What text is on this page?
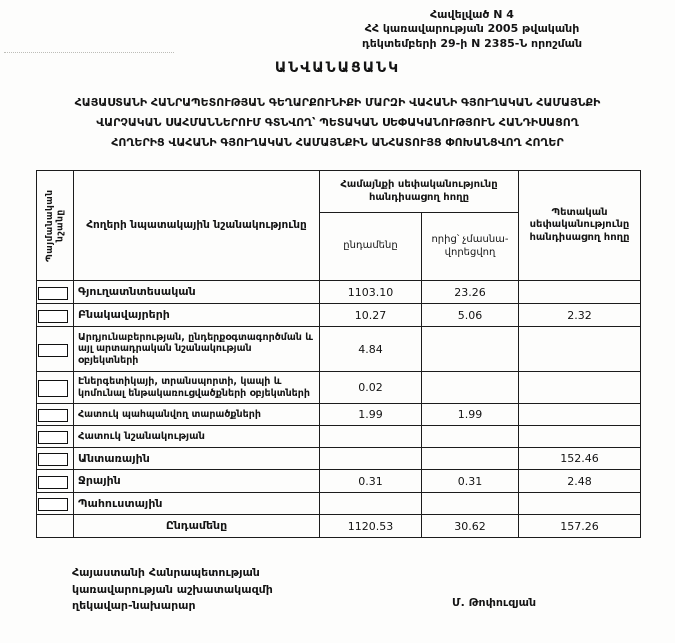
Հավելված N 4
ՀՀ կառավարության 2005 թվականի
դեկտեմբերի 29-ի N 2385-Ն որոշման
ԱՆՎԱՆԱՑԱՆԿ
ՀԱՅԱՍՏԱՆԻ ՀԱՆՐԱՊԵՏՈՒԹՅԱՆ ԳԵՂԱՐՔՈՒՆԻՔԻ ՄԱՐԶԻ ՎԱՀԱՆԻ ԳՅՈՒՂԱԿԱՆ ՀԱՄԱՅՆՔԻ
ՎԱՐՉԱԿԱՆ ՍԱՀՄԱՆՆԵՐՈՒՄ ԳՏՆՎՈՂ՝ ՊԵՏԱԿԱՆ ՍԵՓԱԿԱՆՈՒԹՅՈՒՆ ՀԱՆԴԻՍԱՑՈՂ
ՀՈՂԵՐԻՑ ՎԱՀԱՆԻ ԳՅՈՒՂԱԿԱՆ ՀԱՄԱՅՆՔԻՆ ԱՆՀԱՏՈՒՅՑ ՓՈԽԱՆՑՎՈՂ ՀՈՂԵՐ
Պայմանական նշանը	Հողերի նպատակային նշանակությունը	Համայնքի սեփականությունը հանդիսացող հողը		Պետական սեփականությունը հանդիսացող հողը
		ընդամենը	որից՝ չմասնավորեցվող	
	Գյուղատնտեսական	1103.10	23.26	
	Բնակավայրերի	10.27	5.06	2.32
	Արդյունաբերության, ընդերքօգտագործման և այլ արտադրական նշանակության օբյեկտների	4.84		
	Էներգետիկայի, տրանսպորտի, կապի և կոմունալ ենթակառուցվածքների օբյեկտների	0.02		
	Հատուկ պահպանվող տարածքների	1.99	1.99	
	Հատուկ նշանակության			
	Անտառային			152.46
	Ջրային	0.31	0.31	2.48
	Պահուստային			
	Ընդամենը	1120.53	30.62	157.26
Հայաստանի Հանրապետության
կառավարության աշխատակազմի
ղեկավար-նախարար	Մ. Թոփուզյան
